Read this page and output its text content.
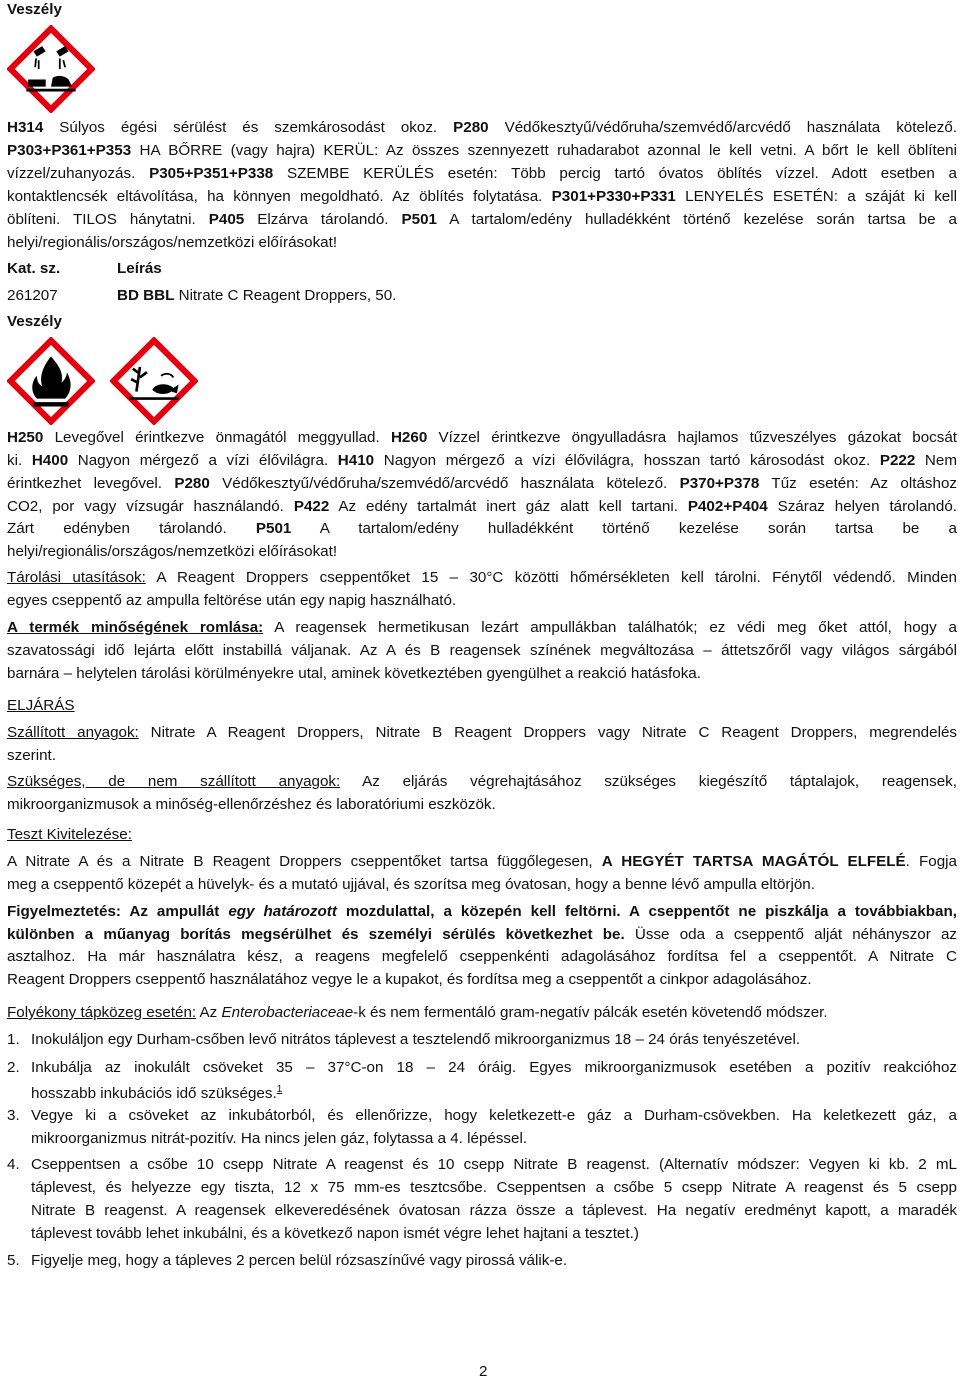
Veszély
H314 Súlyos égési sérülést és szemkárosodást okoz. P280 Védőkesztyű/védőruha/szemvédő/arcvédő használata kötelező.
P303+P361+P353 HA BŐRRE (vagy hajra) KERÜL: Az összes szennyezett ruhadarabot azonnal le kell vetni. A bőrt le kell öblíteni
vízzel/zuhanyozás. P305+P351+P338 SZEMBE KERÜLÉS esetén: Több percig tartó óvatos öblítés vízzel. Adott esetben a
kontaktlencsék eltávolítása, ha könnyen megoldható. Az öblítés folytatása. P301+P330+P331 LENYELÉS ESETÉN: a száját ki kell
öblíteni. TILOS hánytatni. P405 Elzárva tárolandó. P501 A tartalom/edény hulladékként történő kezelése során tartsa be a
helyi/regionális/országos/nemzetközi előírásokat!
Kat. sz.	Leírás
261207	BD BBL Nitrate C Reagent Droppers, 50.
Veszély
H250 Levegővel érintkezve önmagától meggyullad. H260 Vízzel érintkezve öngyulladásra hajlamos tűzveszélyes gázokat bocsát
ki. H400 Nagyon mérgező a vízi élővilágra. H410 Nagyon mérgező a vízi élővilágra, hosszan tartó károsodást okoz. P222 Nem
érintkezhet levegővel. P280 Védőkesztyű/védőruha/szemvédő/arcvédő használata kötelező. P370+P378 Tűz esetén: Az oltáshoz
CO2, por vagy vízsugár használandó. P422 Az edény tartalmát inert gáz alatt kell tartani. P402+P404 Száraz helyen tárolandó.
Zárt edényben tárolandó. P501 A tartalom/edény hulladékként történő kezelése során tartsa be a
helyi/regionális/országos/nemzetközi előírásokat!
Tárolási utasítások: A Reagent Droppers cseppentőket 15 – 30°C közötti hőmérsékleten kell tárolni. Fénytől védendő. Minden
egyes cseppentő az ampulla feltörése után egy napig használható.
A termék minőségének romlása: A reagensek hermetikusan lezárt ampullákban találhatók; ez védi meg őket attól, hogy a
szavatossági idő lejárta előtt instabillá váljanak. Az A és B reagensek színének megváltozása – áttetszőről vagy világos sárgából
barnára – helytelen tárolási körülményekre utal, aminek következtében gyengülhet a reakció hatásfoka.
ELJÁRÁS
Szállított anyagok: Nitrate A Reagent Droppers, Nitrate B Reagent Droppers vagy Nitrate C Reagent Droppers, megrendelés
szerint.
Szükséges, de nem szállított anyagok: Az eljárás végrehajtásához szükséges kiegészítő táptalajok, reagensek,
mikroorganizmusok a minőség-ellenőrzéshez és laboratóriumi eszközök.
Teszt Kivitelezése:
A Nitrate A és a Nitrate B Reagent Droppers cseppentőket tartsa függőlegesen, A HEGYÉT TARTSA MAGÁTÓL ELFELÉ. Fogja
meg a cseppentő közepét a hüvelyk- és a mutató ujjával, és szorítsa meg óvatosan, hogy a benne lévő ampulla eltörjön.
Figyelmeztetés: Az ampullát egy határozott mozdulattal, a közepén kell feltörni. A cseppentőt ne piszkálja a továbbiakban,
különben a műanyag borítás megsérülhet és személyi sérülés következhet be. Üsse oda a cseppentő alját néhányszor az
asztalhoz. Ha már használatra kész, a reagens megfelelő cseppenkénti adagolásához fordítsa fel a cseppentőt. A Nitrate C
Reagent Droppers cseppentő használatához vegye le a kupakot, és fordítsa meg a cseppentőt a cinkpor adagolásához.
Folyékony tápközeg esetén: Az Enterobacteriaceae-k és nem fermentáló gram-negatív pálcák esetén követendő módszer.
1. Inokuláljon egy Durham-csőben levő nitrátos táplevest a tesztelendő mikroorganizmus 18 – 24 órás tenyészetével.
2. Inkubálja az inokulált csöveket 35 – 37°C-on 18 – 24 óráig. Egyes mikroorganizmusok esetében a pozitív reakcióhoz
hosszabb inkubációs idő szükséges.$^1$
3. Vegye ki a csöveket az inkubátorból, és ellenőrizze, hogy keletkezett-e gáz a Durham-csövekben. Ha keletkezett gáz, a
mikroorganizmus nitrát-pozitív. Ha nincs jelen gáz, folytassa a 4. lépéssel.
4. Cseppentsen a csőbe 10 csepp Nitrate A reagenst és 10 csepp Nitrate B reagenst. (Alternatív módszer: Vegyen ki kb. 2 mL
táplevest, és helyezze egy tiszta, 12 x 75 mm-es tesztcsőbe. Cseppentsen a csőbe 5 csepp Nitrate A reagenst és 5 csepp
Nitrate B reagenst. A reagensek elkeveredésének óvatosan rázza össze a táplevest. Ha negatív eredményt kapott, a maradék
táplevest tovább lehet inkubálni, és a következő napon ismét végre lehet hajtani a tesztet.)
5. Figyelje meg, hogy a tápleves 2 percen belül rózsaszínűvé vagy pirossá válik-e.
2
